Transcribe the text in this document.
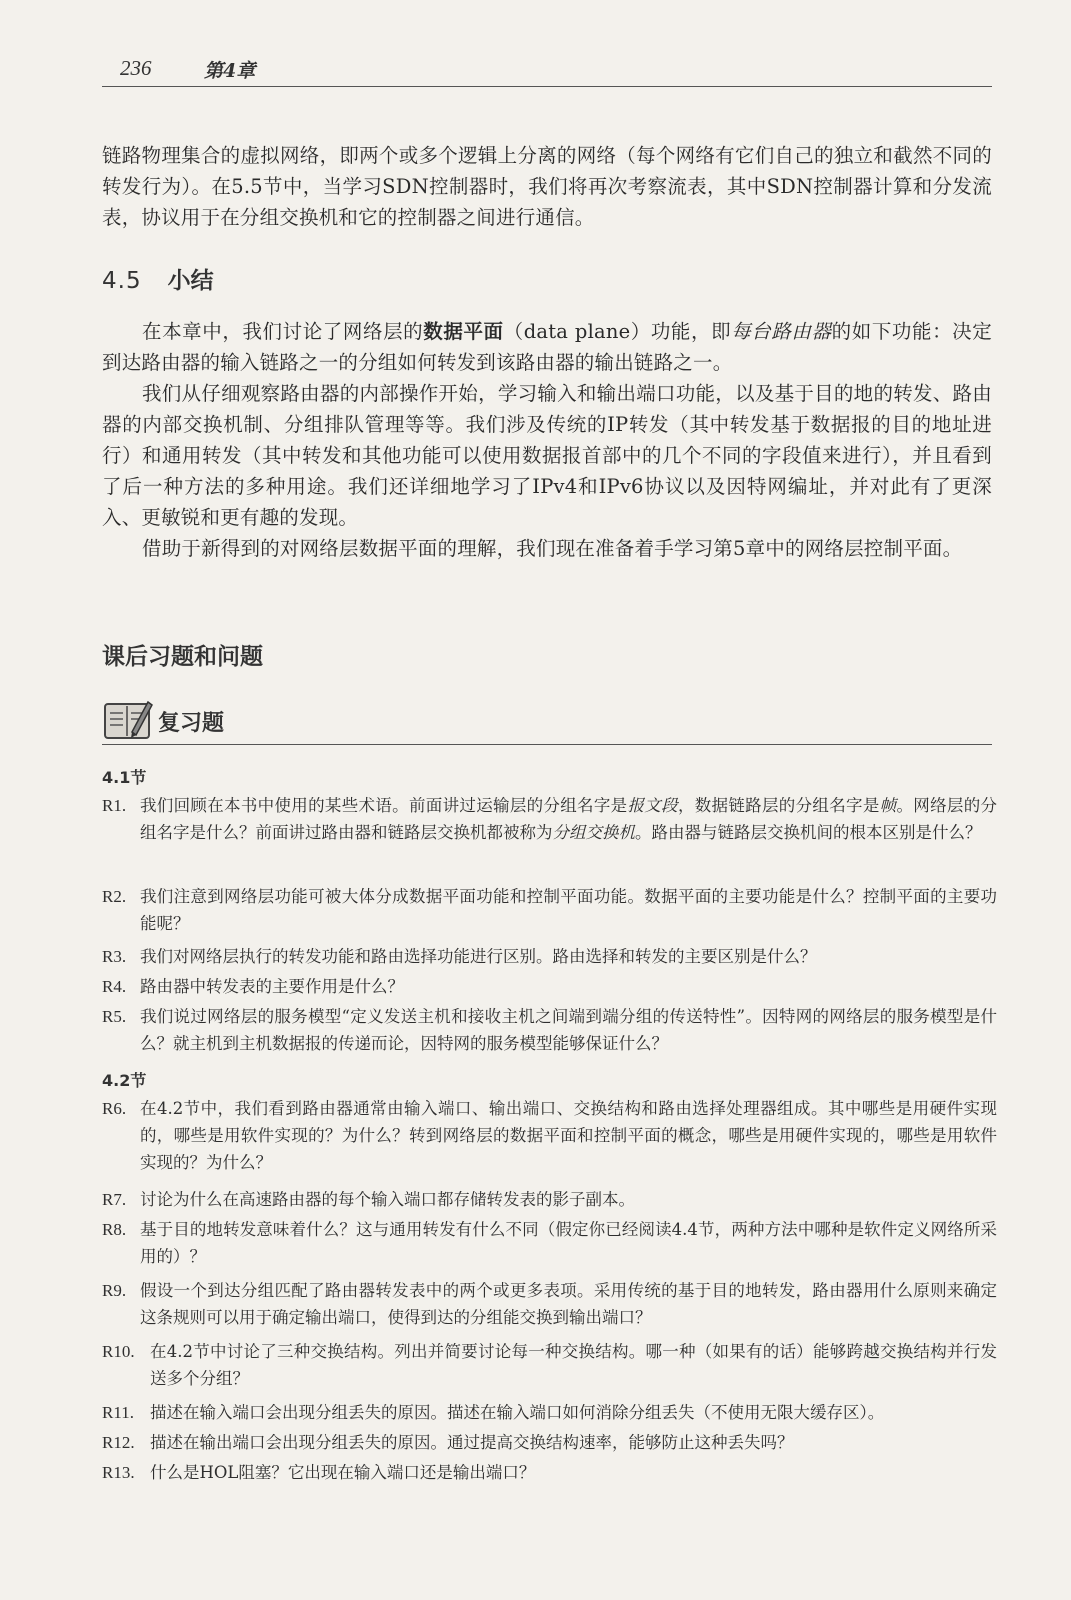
236	第4章

链路物理集合的虚拟网络，即两个或多个逻辑上分离的网络（每个网络有它们自己的独立和截然不同的转发行为）。在5.5节中，当学习SDN控制器时，我们将再次考察流表，其中SDN控制器计算和分发流表，协议用于在分组交换机和它的控制器之间进行通信。

4.5 小结

在本章中，我们讨论了网络层的数据平面（data plane）功能，即每台路由器的如下功能：决定到达路由器的输入链路之一的分组如何转发到该路由器的输出链路之一。

我们从仔细观察路由器的内部操作开始，学习输入和输出端口功能，以及基于目的地的转发、路由器的内部交换机制、分组排队管理等等。我们涉及传统的IP转发（其中转发基于数据报的目的地址进行）和通用转发（其中转发和其他功能可以使用数据报首部中的几个不同的字段值来进行），并且看到了后一种方法的多种用途。我们还详细地学习了IPv4和IPv6协议以及因特网编址，并对此有了更深入、更敏锐和更有趣的发现。

借助于新得到的对网络层数据平面的理解，我们现在准备着手学习第5章中的网络层控制平面。

课后习题和问题
复习题
4.1节
R1. 我们回顾在本书中使用的某些术语。前面讲过运输层的分组名字是报文段，数据链路层的分组名字是帧。网络层的分组名字是什么？前面讲过路由器和链路层交换机都被称为分组交换机。路由器与链路层交换机间的根本区别是什么？
R2. 我们注意到网络层功能可被大体分成数据平面功能和控制平面功能。数据平面的主要功能是什么？控制平面的主要功能呢？
R3. 我们对网络层执行的转发功能和路由选择功能进行区别。路由选择和转发的主要区别是什么？
R4. 路由器中转发表的主要作用是什么？
R5. 我们说过网络层的服务模型“定义发送主机和接收主机之间端到端分组的传送特性”。因特网的网络层的服务模型是什么？就主机到主机数据报的传递而论，因特网的服务模型能够保证什么？
4.2节
R6. 在4.2节中，我们看到路由器通常由输入端口、输出端口、交换结构和路由选择处理器组成。其中哪些是用硬件实现的，哪些是用软件实现的？为什么？转到网络层的数据平面和控制平面的概念，哪些是用硬件实现的，哪些是用软件实现的？为什么？
R7. 讨论为什么在高速路由器的每个输入端口都存储转发表的影子副本。
R8. 基于目的地转发意味着什么？这与通用转发有什么不同（假定你已经阅读4.4节，两种方法中哪种是软件定义网络所采用的）？
R9. 假设一个到达分组匹配了路由器转发表中的两个或更多表项。采用传统的基于目的地转发，路由器用什么原则来确定这条规则可以用于确定输出端口，使得到达的分组能交换到输出端口？
R10. 在4.2节中讨论了三种交换结构。列出并简要讨论每一种交换结构。哪一种（如果有的话）能够跨越交换结构并行发送多个分组？
R11. 描述在输入端口会出现分组丢失的原因。描述在输入端口如何消除分组丢失（不使用无限大缓存区）。
R12. 描述在输出端口会出现分组丢失的原因。通过提高交换结构速率，能够防止这种丢失吗？
R13. 什么是HOL阻塞？它出现在输入端口还是输出端口？
